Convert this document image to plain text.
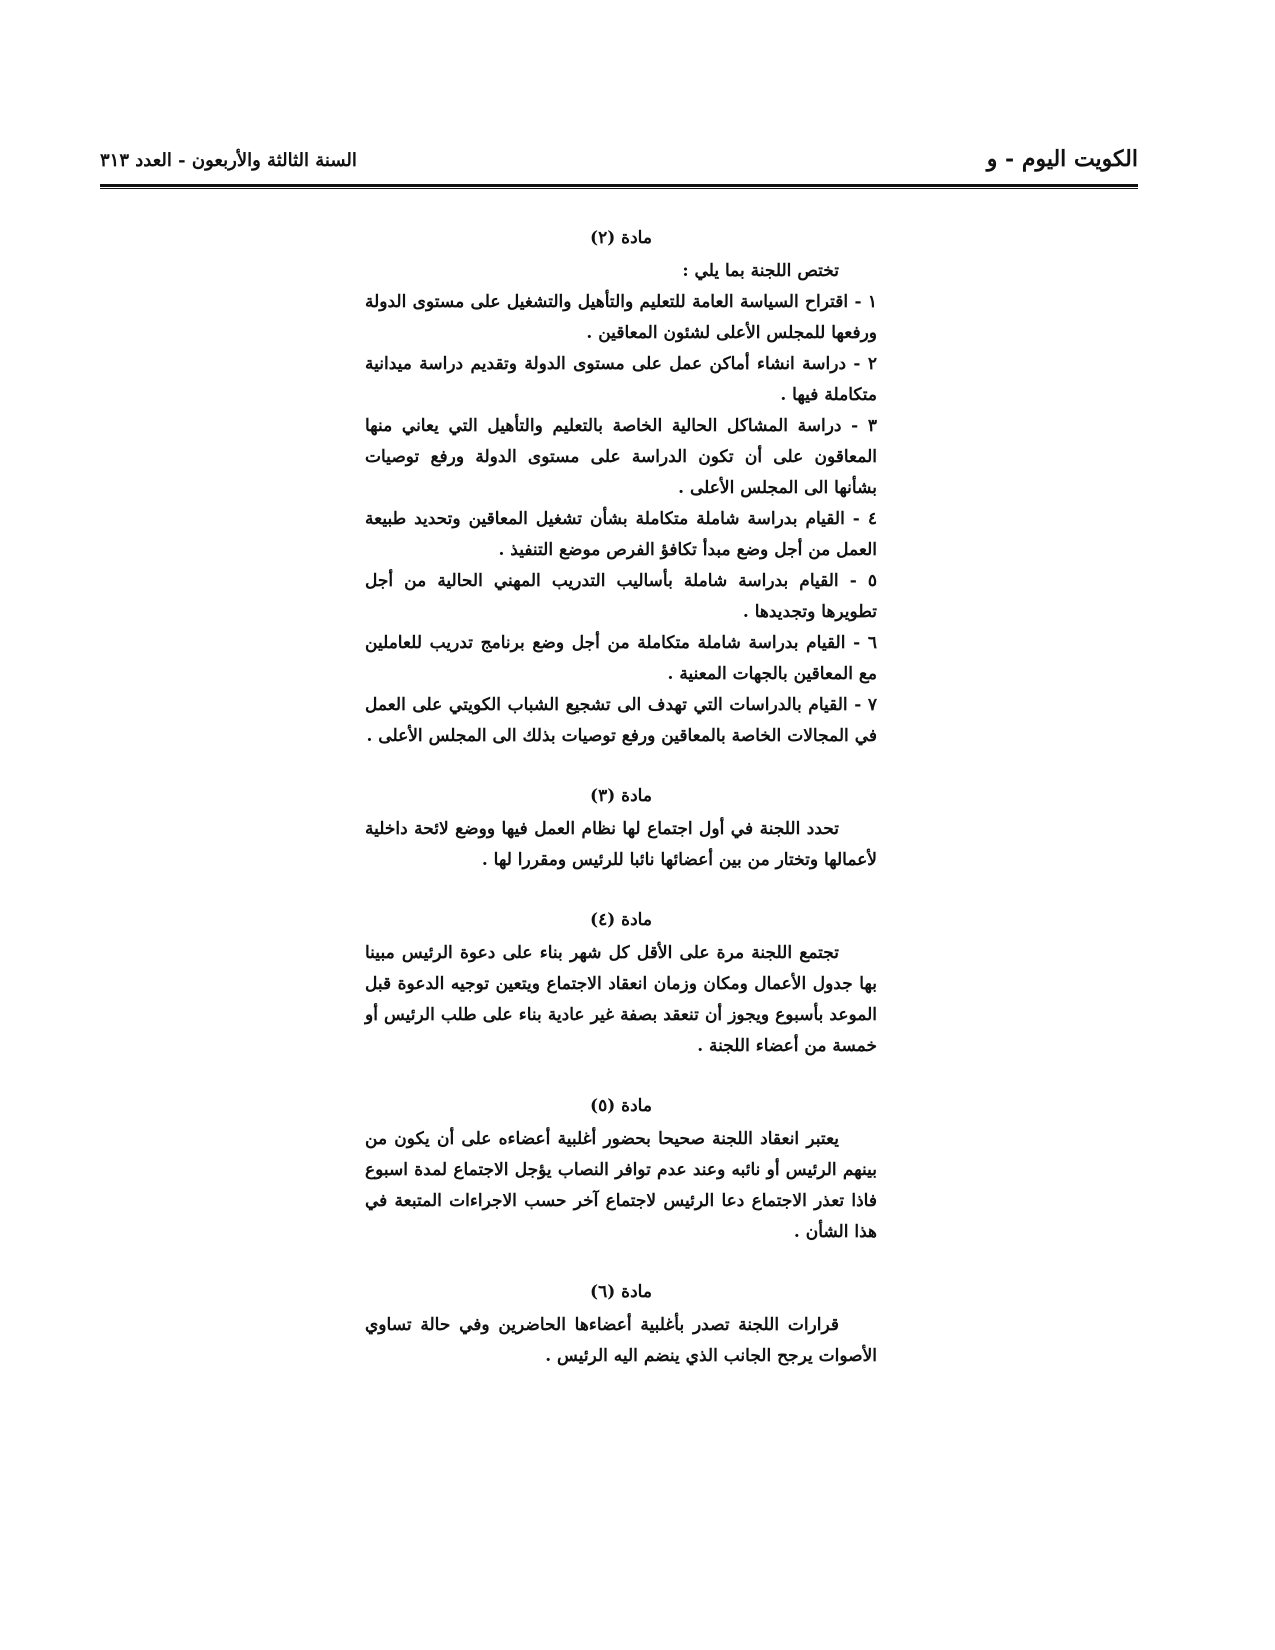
الكويت اليوم - و
السنة الثالثة والأربعون - العدد ٣١٣
مادة (٢)

تختص اللجنة بما يلي :

١ - اقتراح السياسة العامة للتعليم والتأهيل والتشغيل على مستوى الدولة ورفعها للمجلس الأعلى لشئون المعاقين .

٢ - دراسة انشاء أماكن عمل على مستوى الدولة وتقديم دراسة ميدانية متكاملة فيها .

٣ - دراسة المشاكل الحالية الخاصة بالتعليم والتأهيل التي يعاني منها المعاقون على أن تكون الدراسة على مستوى الدولة ورفع توصيات بشأنها الى المجلس الأعلى .

٤ - القيام بدراسة شاملة متكاملة بشأن تشغيل المعاقين وتحديد طبيعة العمل من أجل وضع مبدأ تكافؤ الفرص موضع التنفيذ .

٥ - القيام بدراسة شاملة بأساليب التدريب المهني الحالية من أجل تطويرها وتجديدها .

٦ - القيام بدراسة شاملة متكاملة من أجل وضع برنامج تدريب للعاملين مع المعاقين بالجهات المعنية .

٧ - القيام بالدراسات التي تهدف الى تشجيع الشباب الكويتي على العمل في المجالات الخاصة بالمعاقين ورفع توصيات بذلك الى المجلس الأعلى .

مادة (٣)

تحدد اللجنة في أول اجتماع لها نظام العمل فيها ووضع لائحة داخلية لأعمالها وتختار من بين أعضائها نائبا للرئيس ومقررا لها .

مادة (٤)

تجتمع اللجنة مرة على الأقل كل شهر بناء على دعوة الرئيس مبينا بها جدول الأعمال ومكان وزمان انعقاد الاجتماع ويتعين توجيه الدعوة قبل الموعد بأسبوع ويجوز أن تنعقد بصفة غير عادية بناء على طلب الرئيس أو خمسة من أعضاء اللجنة .

مادة (٥)

يعتبر انعقاد اللجنة صحيحا بحضور أغلبية أعضاءه على أن يكون من بينهم الرئيس أو نائبه وعند عدم توافر النصاب يؤجل الاجتماع لمدة اسبوع فاذا تعذر الاجتماع دعا الرئيس لاجتماع آخر حسب الاجراءات المتبعة في هذا الشأن .

مادة (٦)

قرارات اللجنة تصدر بأغلبية أعضاءها الحاضرين وفي حالة تساوي الأصوات يرجح الجانب الذي ينضم اليه الرئيس .
